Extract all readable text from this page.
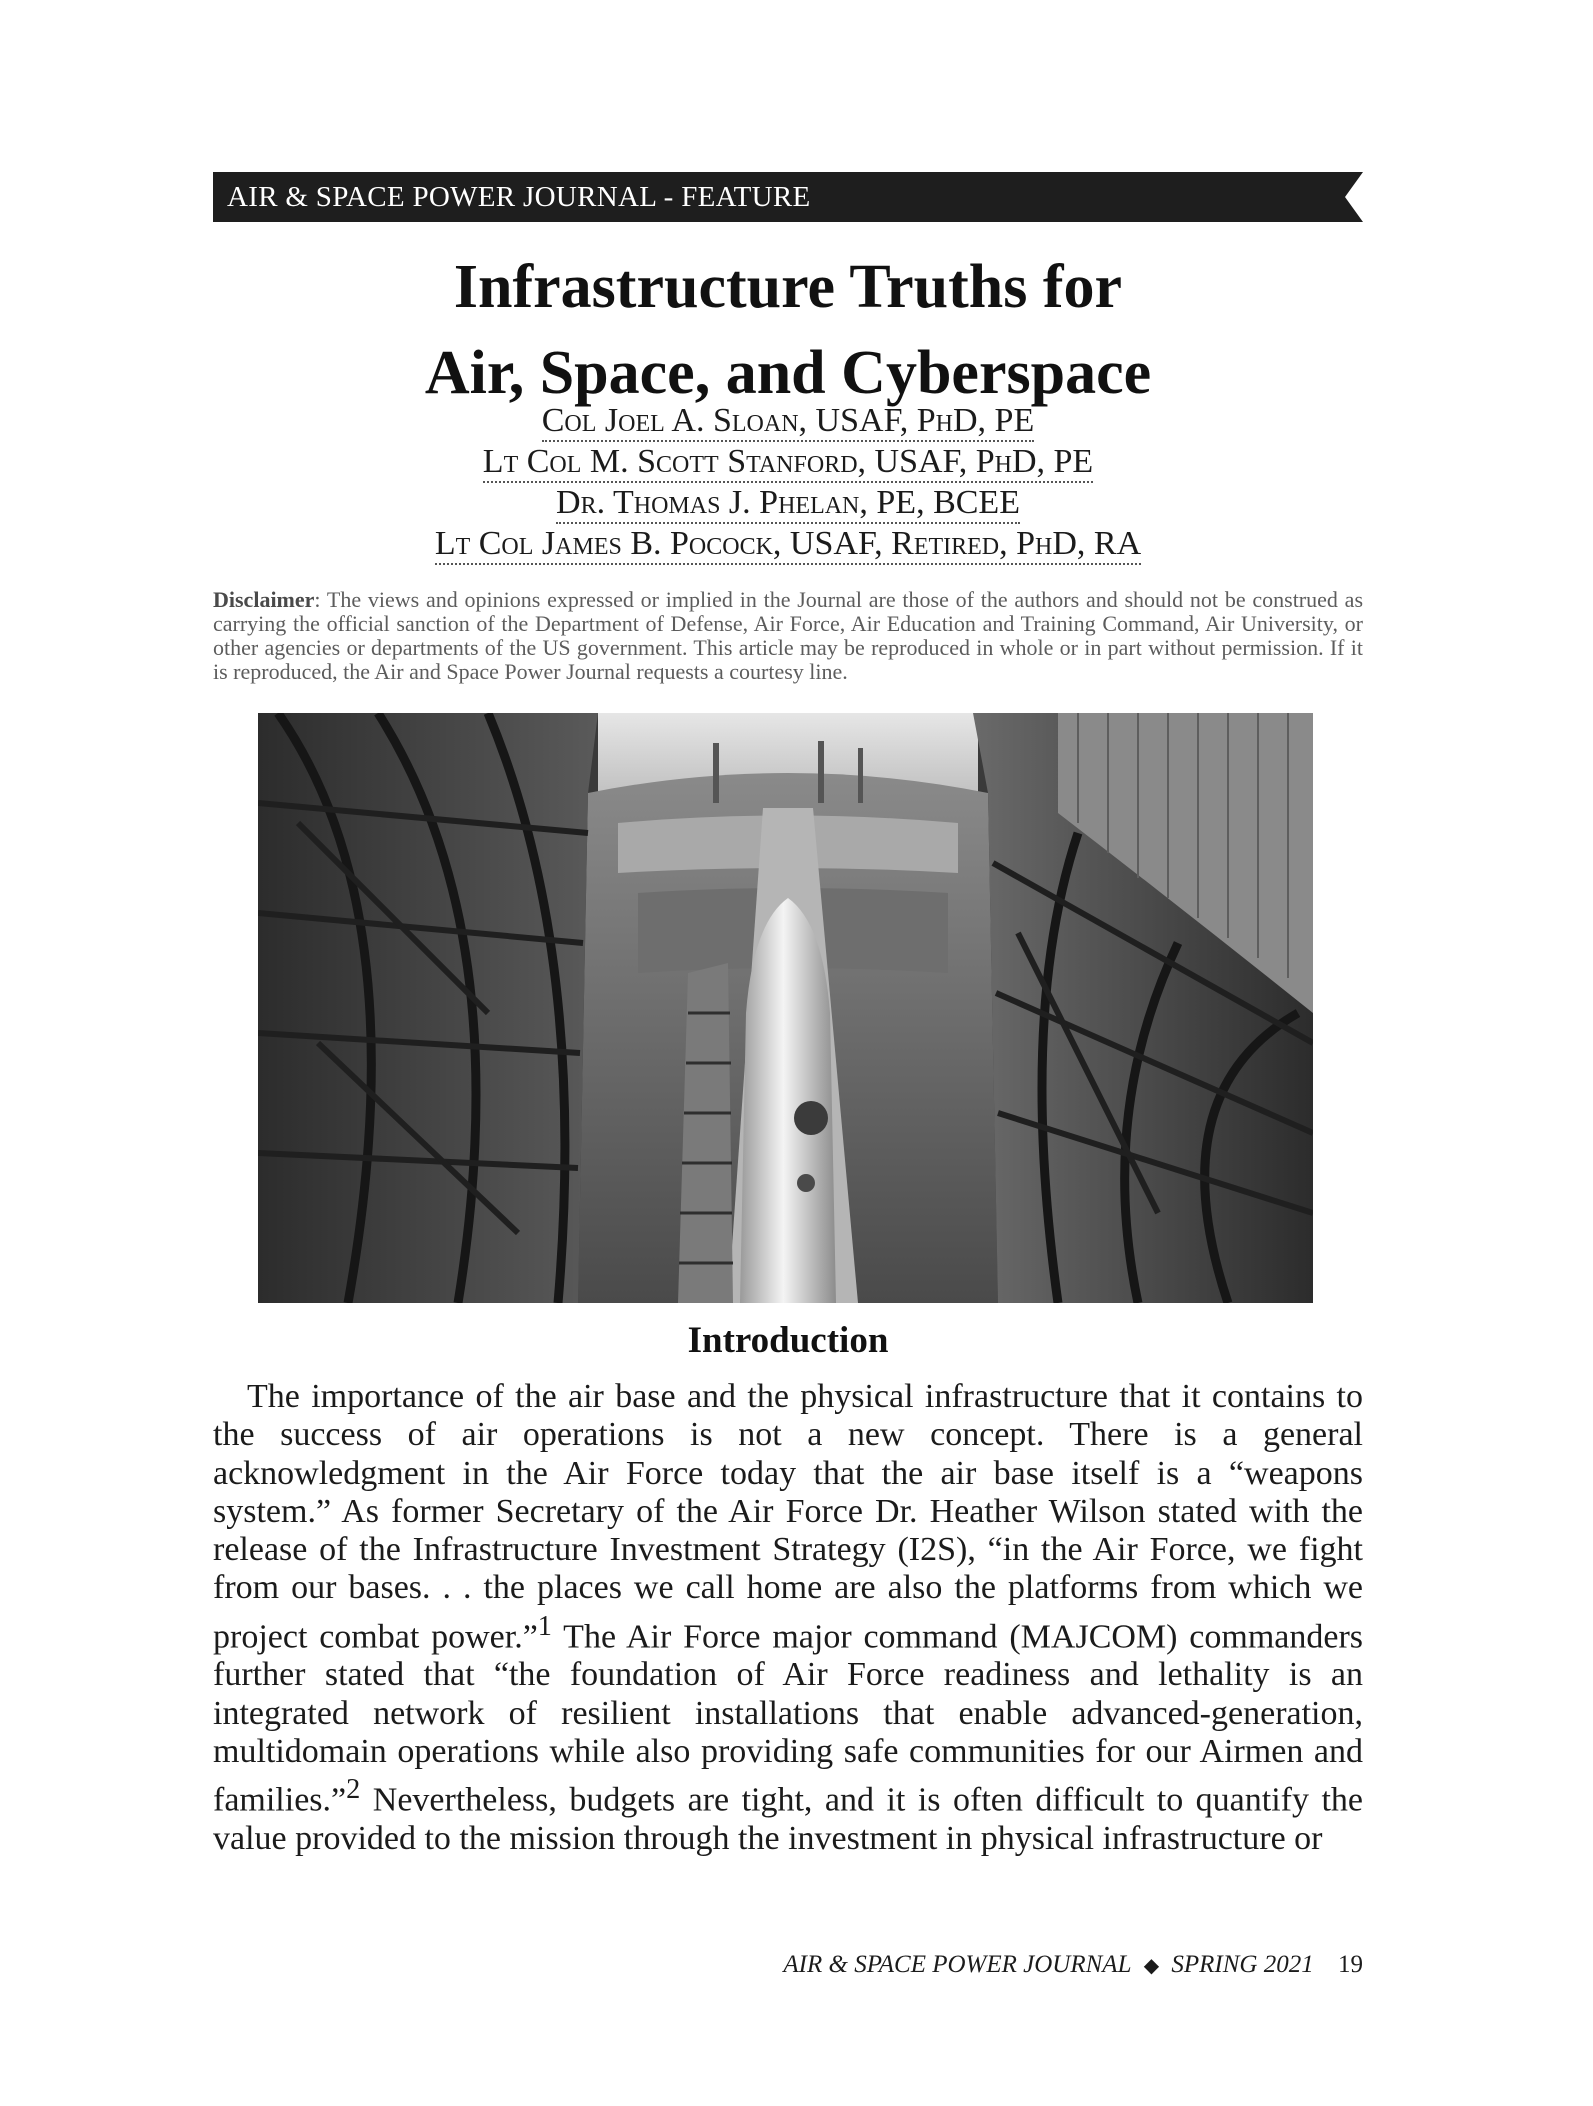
AIR & SPACE POWER JOURNAL - FEATURE
Infrastructure Truths for
Air, Space, and Cyberspace
Col Joel A. Sloan, USAF, PhD, PE
Lt Col M. Scott Stanford, USAF, PhD, PE
Dr. Thomas J. Phelan, PE, BCEE
Lt Col James B. Pocock, USAF, Retired, PhD, RA

Disclaimer: The views and opinions expressed or implied in the Journal are those of the authors and should not be construed as carrying the official sanction of the Department of Defense, Air Force, Air Education and Training Command, Air University, or other agencies or departments of the US government. This article may be reproduced in whole or in part without permission. If it is reproduced, the Air and Space Power Journal requests a courtesy line.

Introduction

The importance of the air base and the physical infrastructure that it contains to the success of air operations is not a new concept. There is a general acknowledgment in the Air Force today that the air base itself is a “weapons system.” As former Secretary of the Air Force Dr. Heather Wilson stated with the release of the Infrastructure Investment Strategy (I2S), “in the Air Force, we fight from our bases. . . the places we call home are also the platforms from which we project combat power.”$^1$ The Air Force major command (MAJCOM) commanders further stated that “the foundation of Air Force readiness and lethality is an integrated network of resilient installations that enable advanced-generation, multidomain operations while also providing safe communities for our Airmen and families.”$^2$ Nevertheless, budgets are tight, and it is often difficult to quantify the value provided to the mission through the investment in physical infrastructure or

AIR & SPACE POWER JOURNAL ◆ SPRING 2021 19
